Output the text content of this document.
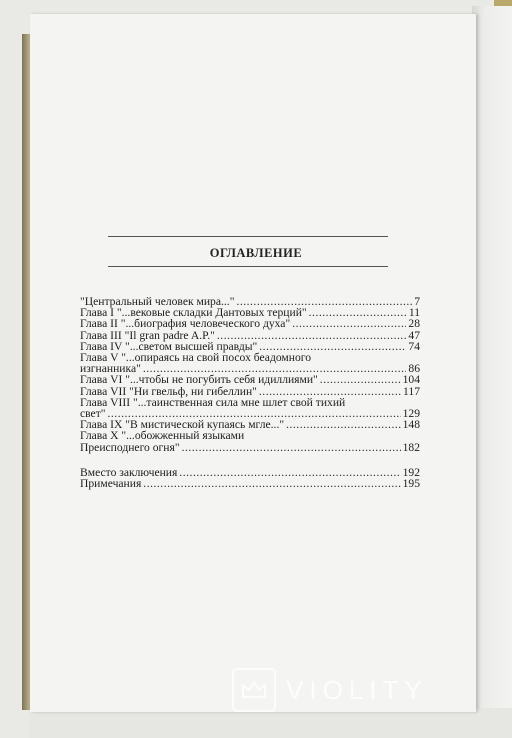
ОГЛАВЛЕНИЕ
"Центральный человек мира..." .....	7
Глава I "...вековые складки Дантовых терций" .....	11
Глава II "...биография человеческого духа" .....	28
Глава III "Il gran padre A.P." .....	47
Глава IV "...светом высшей правды" .....	74
Глава V "...опираясь на свой посох беадомного
изгнанника" .....	86
Глава VI "...чтобы не погубить себя идиллиями" .....	104
Глава VII "Ни гвельф, ни гибеллин" .....	117
Глава VIII "...таинственная сила мне шлет свой тихий
свет" .....	129
Глава IX "В мистической купаясь мгле..." .....	148
Глава X "...обожженный языками
Преисподнего огня" .....	182
Вместо заключения .....	192
Примечания .....	195
VIOLITY
